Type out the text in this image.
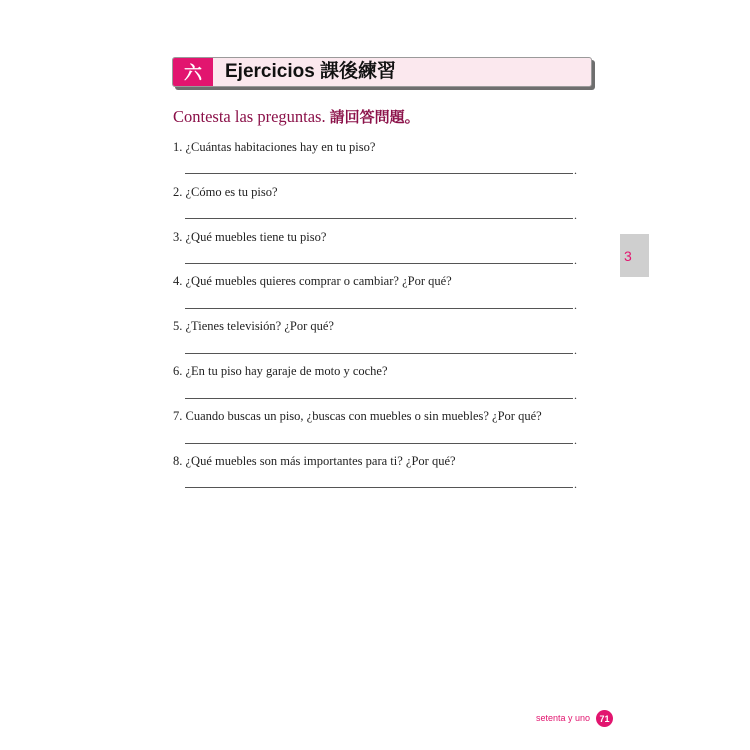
六	Ejercicios 課後練習
Contesta las preguntas. 請回答問題。
1. ¿Cuántas habitaciones hay en tu piso?
.
2. ¿Cómo es tu piso?
.
3. ¿Qué muebles tiene tu piso?
.
4. ¿Qué muebles quieres comprar o cambiar? ¿Por qué?
.
5. ¿Tienes televisión? ¿Por qué?
.
6. ¿En tu piso hay garaje de moto y coche?
.
7. Cuando buscas un piso, ¿buscas con muebles o sin muebles? ¿Por qué?
.
8. ¿Qué muebles son más importantes para ti? ¿Por qué?
.
3
setenta y uno	71
